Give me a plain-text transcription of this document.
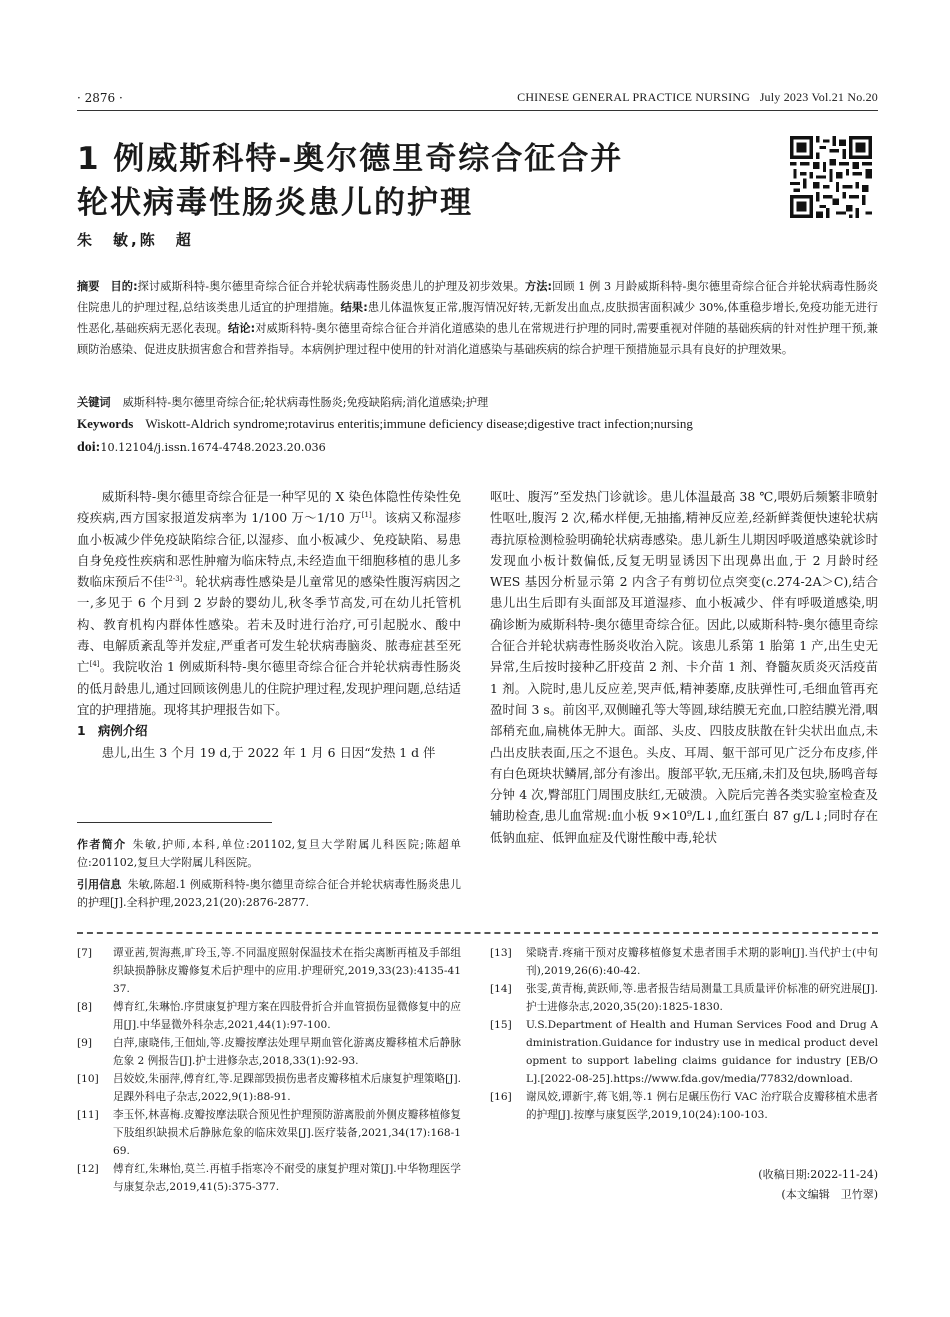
· 2876 ·	CHINESE GENERAL PRACTICE NURSING July 2023 Vol.21 No.20
1 例威斯科特-奥尔德里奇综合征合并
轮状病毒性肠炎患儿的护理
朱　敏,陈　超
摘要 目的:探讨威斯科特-奥尔德里奇综合征合并轮状病毒性肠炎患儿的护理及初步效果。方法:回顾 1 例 3 月龄威斯科特-奥尔德里奇综合征合并轮状病毒性肠炎住院患儿的护理过程,总结该类患儿适宜的护理措施。结果:患儿体温恢复正常,腹泻情况好转,无新发出血点,皮肤损害面积减少 30%,体重稳步增长,免疫功能无进行性恶化,基础疾病无恶化表现。结论:对威斯科特-奥尔德里奇综合征合并消化道感染的患儿在常规进行护理的同时,需要重视对伴随的基础疾病的针对性护理干预,兼顾防治感染、促进皮肤损害愈合和营养指导。本病例护理过程中使用的针对消化道感染与基础疾病的综合护理干预措施显示具有良好的护理效果。
关键词 威斯科特-奥尔德里奇综合征;轮状病毒性肠炎;免疫缺陷病;消化道感染;护理
Keywords Wiskott-Aldrich syndrome;rotavirus enteritis;immune deficiency disease;digestive tract infection;nursing
doi:10.12104/j.issn.1674-4748.2023.20.036

威斯科特-奥尔德里奇综合征是一种罕见的 X 染色体隐性传染性免疫疾病,西方国家报道发病率为 1/100 万～1/10 万[1]。该病又称湿疹血小板减少伴免疫缺陷综合征,以湿疹、血小板减少、免疫缺陷、易患自身免疫性疾病和恶性肿瘤为临床特点,未经造血干细胞移植的患儿多数临床预后不佳[2-3]。轮状病毒性感染是儿童常见的感染性腹泻病因之一,多见于 6 个月到 2 岁龄的婴幼儿,秋冬季节高发,可在幼儿托管机构、教育机构内群体性感染。若未及时进行治疗,可引起脱水、酸中毒、电解质紊乱等并发症,严重者可发生轮状病毒脑炎、脓毒症甚至死亡[4]。我院收治 1 例威斯科特-奥尔德里奇综合征合并轮状病毒性肠炎的低月龄患儿,通过回顾该例患儿的住院护理过程,发现护理问题,总结适宜的护理措施。现将其护理报告如下。

1　病例介绍

患儿,出生 3 个月 19 d,于 2022 年 1 月 6 日因“发热 1 d 伴

呕吐、腹泻”至发热门诊就诊。患儿体温最高 38 ℃,喂奶后频繁非喷射性呕吐,腹泻 2 次,稀水样便,无抽搐,精神反应差,经新鲜粪便快速轮状病毒抗原检测检验明确轮状病毒感染。患儿新生儿期因呼吸道感染就诊时发现血小板计数偏低,反复无明显诱因下出现鼻出血,于 2 月龄时经 WES 基因分析显示第 2 内含子有剪切位点突变(c.274-2A＞C),结合患儿出生后即有头面部及耳道湿疹、血小板减少、伴有呼吸道感染,明确诊断为威斯科特-奥尔德里奇综合征。因此,以威斯科特-奥尔德里奇综合征合并轮状病毒性肠炎收治入院。该患儿系第 1 胎第 1 产,出生史无异常,生后按时接种乙肝疫苗 2 剂、卡介苗 1 剂、脊髓灰质炎灭活疫苗 1 剂。入院时,患儿反应差,哭声低,精神萎靡,皮肤弹性可,毛细血管再充盈时间 3 s。前囟平,双侧瞳孔等大等圆,球结膜无充血,口腔结膜光滑,咽部稍充血,扁桃体无肿大。面部、头皮、四肢皮肤散在针尖状出血点,未凸出皮肤表面,压之不退色。头皮、耳周、躯干部可见广泛分布皮疹,伴有白色斑块状鳞屑,部分有渗出。腹部平软,无压痛,未扪及包块,肠鸣音每分钟 4 次,臀部肛门周围皮肤红,无破溃。入院后完善各类实验室检查及辅助检查,患儿血常规:血小板 9×10⁹/L↓,血红蛋白 87 g/L↓;同时存在低钠血症、低钾血症及代谢性酸中毒,轮状

作者简介 朱敏,护师,本科,单位:201102,复旦大学附属儿科医院;陈超单位:201102,复旦大学附属儿科医院。
引用信息 朱敏,陈超.1 例威斯科特-奥尔德里奇综合征合并轮状病毒性肠炎患儿的护理[J].全科护理,2023,21(20):2876-2877.
[7]	谭亚茜,贺海燕,旷玲玉,等.不同温度照射保温技术在指尖离断再植及手部组织缺损静脉皮瓣修复术后护理中的应用.护理研究,2019,33(23):4135-4137.
[8]	傅育红,朱琳怡.序贯康复护理方案在四肢骨折合并血管损伤显微修复中的应用[J].中华显微外科杂志,2021,44(1):97-100.
[9]	白萍,康晓伟,王佃灿,等.皮瓣按摩法处理早期血管化游离皮瓣移植术后静脉危象 2 例报告[J].护士进修杂志,2018,33(1):92-93.
[10]	吕姣姣,朱丽萍,傅育红,等.足踝部毁损伤患者皮瓣移植术后康复护理策略[J].足踝外科电子杂志,2022,9(1):88-91.
[11]	李玉怀,林喜梅.皮瓣按摩法联合预见性护理预防游离股前外侧皮瓣移植修复下肢组织缺损术后静脉危象的临床效果[J].医疗装备,2021,34(17):168-169.
[12]	傅育红,朱琳怡,莫兰.再植手指寒冷不耐受的康复护理对策[J].中华物理医学与康复杂志,2019,41(5):375-377.
[13]	梁晓青.疼痛干预对皮瓣移植修复术患者围手术期的影响[J].当代护士(中旬刊),2019,26(6):40-42.
[14]	张雯,黄青梅,黄跃师,等.患者报告结局测量工具质量评价标准的研究进展[J].护士进修杂志,2020,35(20):1825-1830.
[15]	U.S.Department of Health and Human Services Food and Drug Administration.Guidance for industry use in medical product development to support labeling claims guidance for industry [EB/OL].[2022-08-25].https://www.fda.gov/media/77832/download.
[16]	谢凤姣,谭新宇,蒋飞娟,等.1 例右足碾压伤行 VAC 治疗联合皮瓣移植术患者的护理[J].按摩与康复医学,2019,10(24):100-103.
(收稿日期:2022-11-24)
(本文编辑　卫竹翠)
